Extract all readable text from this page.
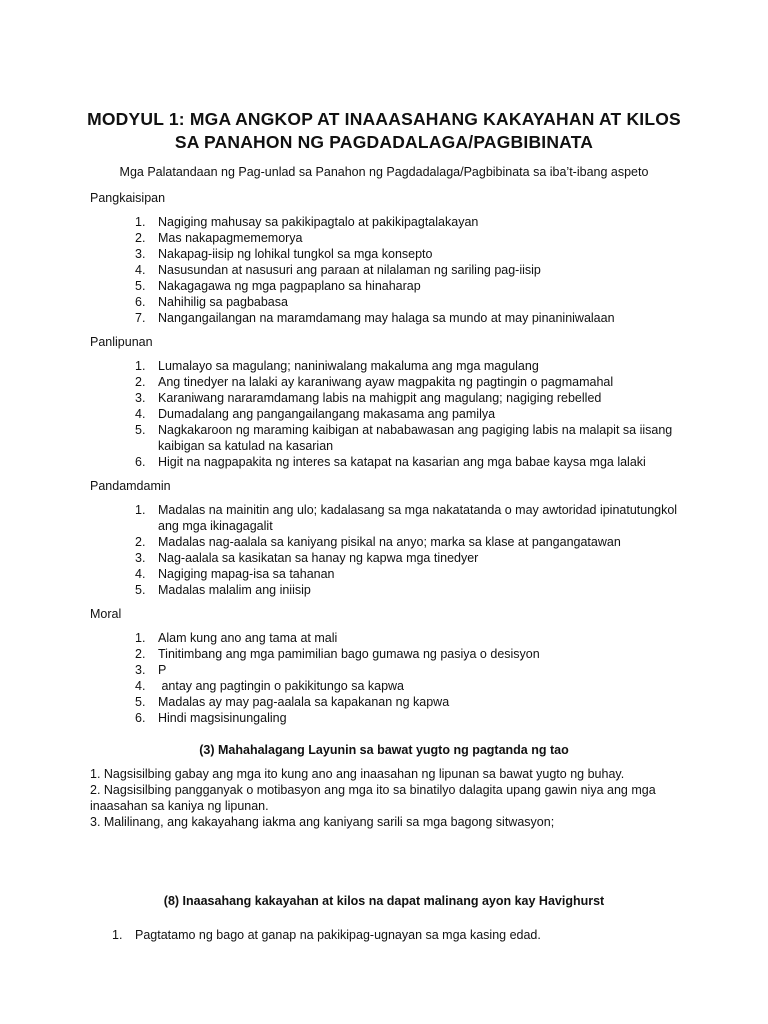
MODYUL 1: MGA ANGKOP AT INAAASAHANG KAKAYAHAN AT KILOS
SA PANAHON NG PAGDADALAGA/PAGBIBINATA
Mga Palatandaan ng Pag-unlad sa Panahon ng Pagdadalaga/Pagbibinata sa iba’t-ibang aspeto
Pangkaisipan
1. Nagiging mahusay sa pakikipagtalo at pakikipagtalakayan
2. Mas nakapagmememorya
3. Nakapag-iisip ng lohikal tungkol sa mga konsepto
4. Nasusundan at nasusuri ang paraan at nilalaman ng sariling pag-iisip
5. Nakagagawa ng mga pagpaplano sa hinaharap
6. Nahihilig sa pagbabasa
7. Nangangailangan na maramdamang may halaga sa mundo at may pinaniniwalaan
Panlipunan
1. Lumalayo sa magulang; naniniwalang makaluma ang mga magulang
2. Ang tinedyer na lalaki ay karaniwang ayaw magpakita ng pagtingin o pagmamahal
3. Karaniwang nararamdamang labis na mahigpit ang magulang; nagiging rebelled
4. Dumadalang ang pangangailangang makasama ang pamilya
5. Nagkakaroon ng maraming kaibigan at nababawasan ang pagiging labis na malapit sa iisang kaibigan sa katulad na kasarian
6. Higit na nagpapakita ng interes sa katapat na kasarian ang mga babae kaysa mga lalaki
Pandamdamin
1. Madalas na mainitin ang ulo; kadalasang sa mga nakatatanda o may awtoridad ipinatutungkol ang mga ikinagagalit
2. Madalas nag-aalala sa kaniyang pisikal na anyo; marka sa klase at pangangatawan
3. Nag-aalala sa kasikatan sa hanay ng kapwa mga tinedyer
4. Nagiging mapag-isa sa tahanan
5. Madalas malalim ang iniisip
Moral
1. Alam kung ano ang tama at mali
2. Tinitimbang ang mga pamimilian bago gumawa ng pasiya o desisyon
3. P
4. antay ang pagtingin o pakikitungo sa kapwa
5. Madalas ay may pag-aalala sa kapakanan ng kapwa
6. Hindi magsisinungaling
(3) Mahahalagang Layunin sa bawat yugto ng pagtanda ng tao
1. Nagsisilbing gabay ang mga ito kung ano ang inaasahan ng lipunan sa bawat yugto ng buhay.
2. Nagsisilbing pangganyak o motibasyon ang mga ito sa binatilyo dalagita upang gawin niya ang mga inaasahan sa kaniya ng lipunan.
3. Malilinang, ang kakayahang iakma ang kaniyang sarili sa mga bagong sitwasyon;
(8) Inaasahang kakayahan at kilos na dapat malinang ayon kay Havighurst
1. Pagtatamo ng bago at ganap na pakikipag-ugnayan sa mga kasing edad.
